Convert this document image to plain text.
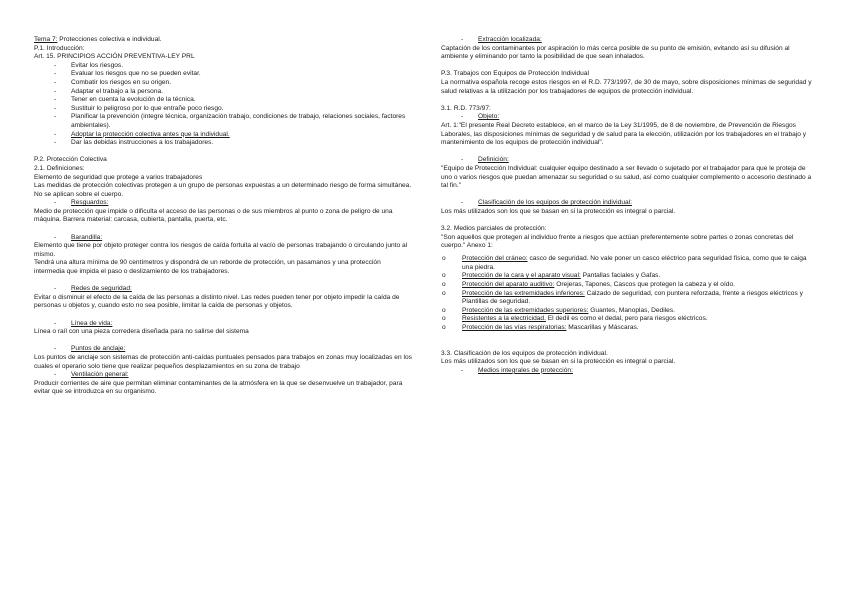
Tema 7: Protecciones colectiva e individual.

P.1. Introducción:

Art. 15. PRINCIPIOS ACCIÓN PREVENTIVA-LEY PRL

-	Evitar los riesgos.
-	Evaluar los riesgos que no se pueden evitar.
-	Combatir los riesgos en su origen.
-	Adaptar el trabajo a la persona.
-	Tener en cuenta la evolución de la técnica.
-	Sustituir lo peligroso por lo que entrañe poco riesgo.
-	Planificar la prevención (integre técnica, organización trabajo, condiciones de trabajo, relaciones sociales, factores ambientales).
-	Adoptar la protección colectiva antes que la individual.
-	Dar las debidas instrucciones a los trabajadores.

P.2. Protección Colectiva

2.1. Definiciones:

Elemento de seguridad que protege a varios trabajadores

Las medidas de protección colectivas protegen a un grupo de personas expuestas a un determinado riesgo de forma simultánea. No se aplican sobre el cuerpo.

-	Resguardos:

Medio de protección que impide o dificulta el acceso de las personas o de sus miembros al punto o zona de peligro de una máquina. Barrera material: carcasa, cubierta, pantalla, puerta, etc.

-	Barandilla:

Elemento que tiene por objeto proteger contra los riesgos de caída fortuita al vacío de personas trabajando o circulando junto al mismo.

Tendrá una altura mínima de 90 centímetros y dispondrá de un reborde de protección, un pasamanos y una protección intermedia que impida el paso o deslizamiento de los trabajadores.

-	Redes de seguridad:

Evitar o disminuir el efecto de la caída de las personas a distinto nivel. Las redes pueden tener por objeto impedir la caída de personas u objetos y, cuando esto no sea posible, limitar la caída de personas y objetos.

-	Línea de vida:

Línea o raíl con una pieza corredera diseñada para no salirse del sistema

-	Puntos de anclaje:

Los puntos de anclaje son sistemas de protección anti-caídas puntuales pensados para trabajos en zonas muy localizadas en los cuales el operario solo tiene que realizar pequeños desplazamientos en su zona de trabajo

-	Ventilación general:

Producir corrientes de aire que permitan eliminar contaminantes de la atmósfera en la que se desenvuelve un trabajador, para evitar que se introduzca en su organismo.

-	Extracción localizada:

Captación de los contaminantes por aspiración lo más cerca posible de su punto de emisión, evitando así su difusión al ambiente y eliminando por tanto la posibilidad de que sean inhalados.

P.3. Trabajos con Equipos de Protección Individual

La normativa española recoge estos riesgos en el R.D. 773/1997, de 30 de mayo, sobre disposiciones mínimas de seguridad y salud relativas a la utilización por los trabajadores de equipos de protección individual.

3.1. R.D. 773/97:

-	Objeto:

Art. 1:"El presente Real Decreto establece, en el marco de la Ley 31/1995, de 8 de noviembre, de Prevención de Riesgos Laborales, las disposiciones mínimas de seguridad y de salud para la elección, utilización por los trabajadores en el trabajo y mantenimiento de los equipos de protección individual".

-	Definición:

"Equipo de Protección Individual: cualquier equipo destinado a ser llevado o sujetado por el trabajador para que le proteja de uno o varios riesgos que puedan amenazar su seguridad o su salud, así como cualquier complemento o accesorio destinado a tal fin."

-	Clasificación de los equipos de protección individual:

Los más utilizados son los que se basan en si la protección es integral o parcial.

3.2. Medios parciales de protección:

"Son aquellos que protegen al individuo frente a riesgos que actúan preferentemente sobre partes o zonas concretas del cuerpo." Anexo 1:

o	Protección del cráneo: casco de seguridad. No vale poner un casco eléctrico para seguridad física, como que te caiga una piedra.
o	Protección de la cara y el aparato visual: Pantallas faciales y Gafas.
o	Protección del aparato auditivo: Orejeras, Tapones, Cascos que protegen la cabeza y el oído.
o	Protección de las extremidades inferiores: Calzado de seguridad, con puntera reforzada, frente a riesgos eléctricos y Plantillas de seguridad.
o	Protección de las extremidades superiores: Guantes, Manoplas, Dediles.
o	Resistentes a la electricidad. El dedil es como el dedal, pero para riesgos eléctricos.
o	Protección de las vías respiratorias: Mascarillas y Máscaras.

3.3. Clasificación de los equipos de protección individual.

Los más utilizados son los que se basan en si la protección es integral o parcial.

-	Medios integrales de protección:
